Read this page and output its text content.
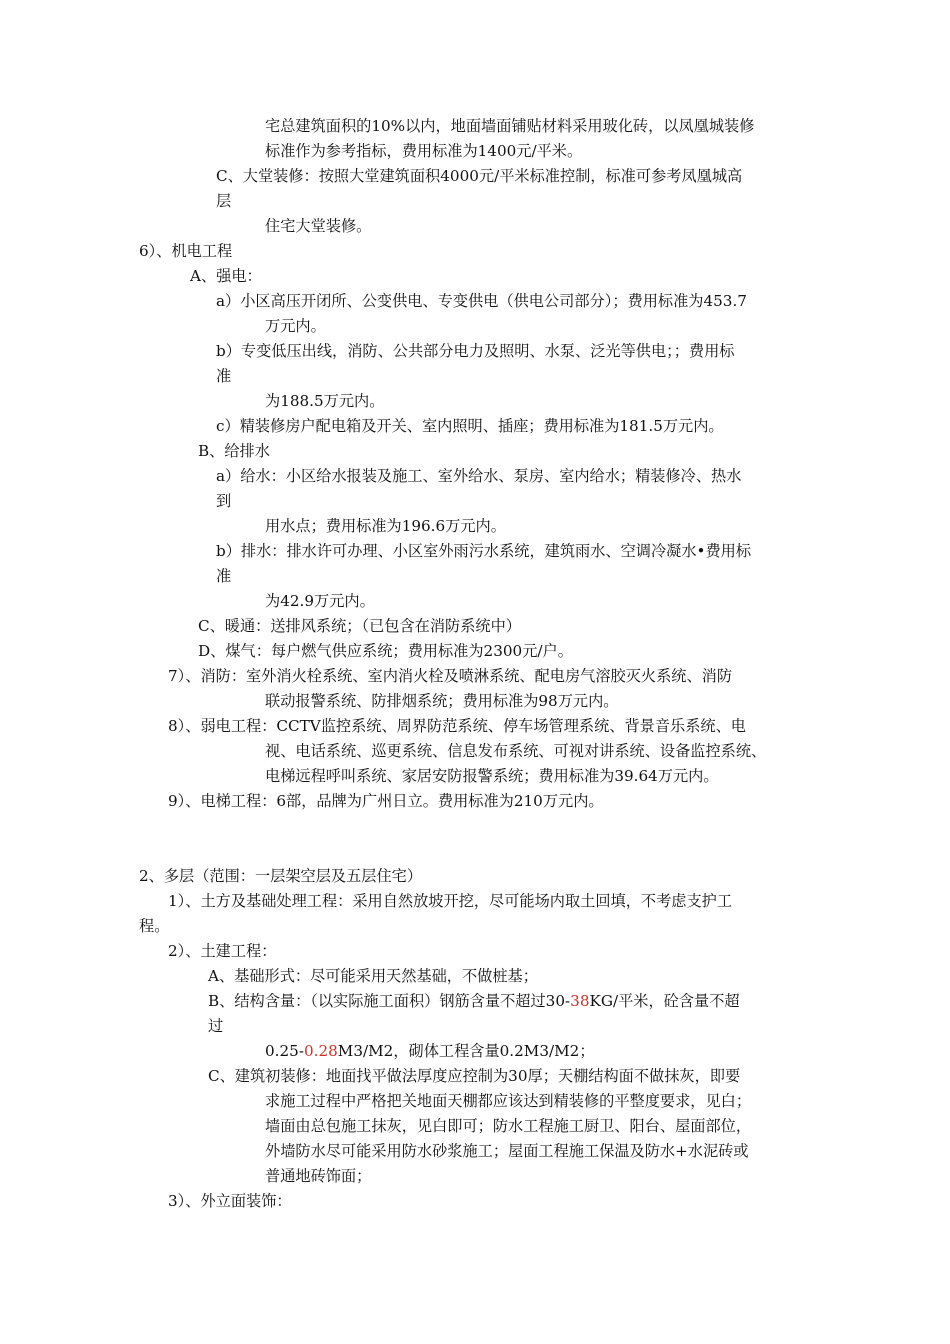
宅总建筑面积的10%以内，地面墙面铺贴材料采用玻化砖，以凤凰城装修
标准作为参考指标，费用标准为1400元/平米。
C、大堂装修：按照大堂建筑面积4000元/平米标准控制，标准可参考凤凰城高
层
住宅大堂装修。
6）、机电工程
A、强电：
a）小区高压开闭所、公变供电、专变供电（供电公司部分）；费用标准为453.7
万元内。
b）专变低压出线，消防、公共部分电力及照明、水泵、泛光等供电；；费用标
准
为188.5万元内。
c）精装修房户配电箱及开关、室内照明、插座；费用标准为181.5万元内。
B、给排水
a）给水：小区给水报装及施工、室外给水、泵房、室内给水；精装修冷、热水
到
用水点；费用标准为196.6万元内。
b）排水：排水许可办理、小区室外雨污水系统，建筑雨水、空调冷凝水•费用标
准
为42.9万元内。
C、暖通：送排风系统；（已包含在消防系统中）
D、煤气：每户燃气供应系统；费用标准为2300元/户。
7）、消防：室外消火栓系统、室内消火栓及喷淋系统、配电房气溶胶灭火系统、消防
联动报警系统、防排烟系统；费用标准为98万元内。
8）、弱电工程：CCTV监控系统、周界防范系统、停车场管理系统、背景音乐系统、电
视、电话系统、巡更系统、信息发布系统、可视对讲系统、设备监控系统、
电梯远程呼叫系统、家居安防报警系统；费用标准为39.64万元内。
9）、电梯工程：6部，品牌为广州日立。费用标准为210万元内。
2、多层（范围：一层架空层及五层住宅）
1）、土方及基础处理工程：采用自然放坡开挖，尽可能场内取土回填，不考虑支护工
程。
2）、土建工程：
A、基础形式：尽可能采用天然基础，不做桩基；
B、结构含量：（以实际施工面积）钢筋含量不超过30-38KG/平米，砼含量不超
过
0.25-0.28M3/M2，砌体工程含量0.2M3/M2；
C、建筑初装修：地面找平做法厚度应控制为30厚；天棚结构面不做抹灰，即要
求施工过程中严格把关地面天棚都应该达到精装修的平整度要求，见白；
墙面由总包施工抹灰，见白即可；防水工程施工厨卫、阳台、屋面部位，
外墙防水尽可能采用防水砂浆施工；屋面工程施工保温及防水+水泥砖或
普通地砖饰面；
3）、外立面装饰：
